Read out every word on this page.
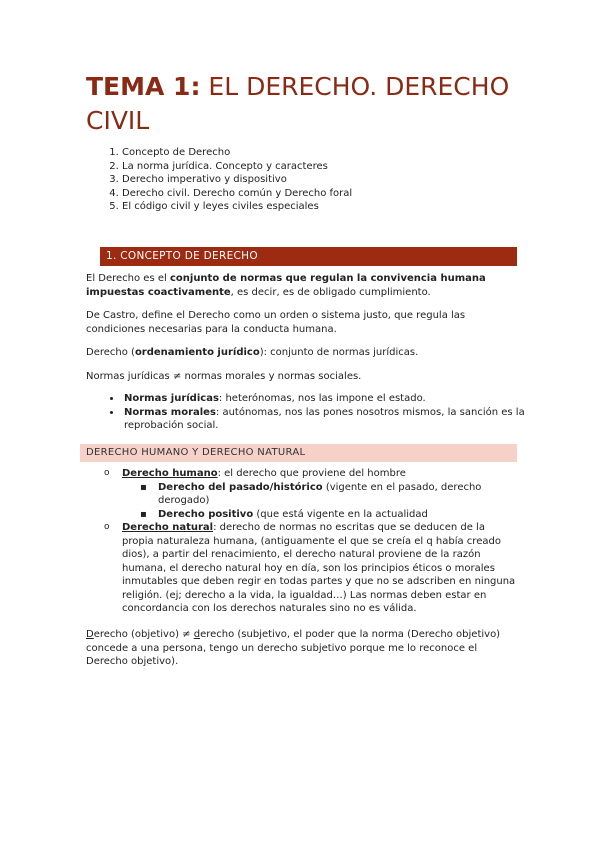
TEMA 1: EL DERECHO. DERECHO CIVIL
1. Concepto de Derecho
2. La norma jurídica. Concepto y caracteres
3. Derecho imperativo y dispositivo
4. Derecho civil. Derecho común y Derecho foral
5. El código civil y leyes civiles especiales
1. CONCEPTO DE DERECHO

El Derecho es el conjunto de normas que regulan la convivencia humana impuestas coactivamente, es decir, es de obligado cumplimiento.

De Castro, define el Derecho como un orden o sistema justo, que regula las condiciones necesarias para la conducta humana.

Derecho (ordenamiento jurídico): conjunto de normas jurídicas.

Normas jurídicas ≠ normas morales y normas sociales.

• Normas jurídicas: heterónomas, nos las impone el estado.
• Normas morales: autónomas, nos las pones nosotros mismos, la sanción es la reprobación social.
DERECHO HUMANO Y DERECHO NATURAL
o Derecho humano: el derecho que proviene del hombre
▪ Derecho del pasado/histórico (vigente en el pasado, derecho derogado)
▪ Derecho positivo (que está vigente en la actualidad
o Derecho natural: derecho de normas no escritas que se deducen de la propia naturaleza humana, (antiguamente el que se creía el q había creado dios), a partir del renacimiento, el derecho natural proviene de la razón humana, el derecho natural hoy en día, son los principios éticos o morales inmutables que deben regir en todas partes y que no se adscriben en ninguna religión. (ej; derecho a la vida, la igualdad…) Las normas deben estar en concordancia con los derechos naturales sino no es válida.

Derecho (objetivo) ≠ derecho (subjetivo, el poder que la norma (Derecho objetivo) concede a una persona, tengo un derecho subjetivo porque me lo reconoce el Derecho objetivo).
